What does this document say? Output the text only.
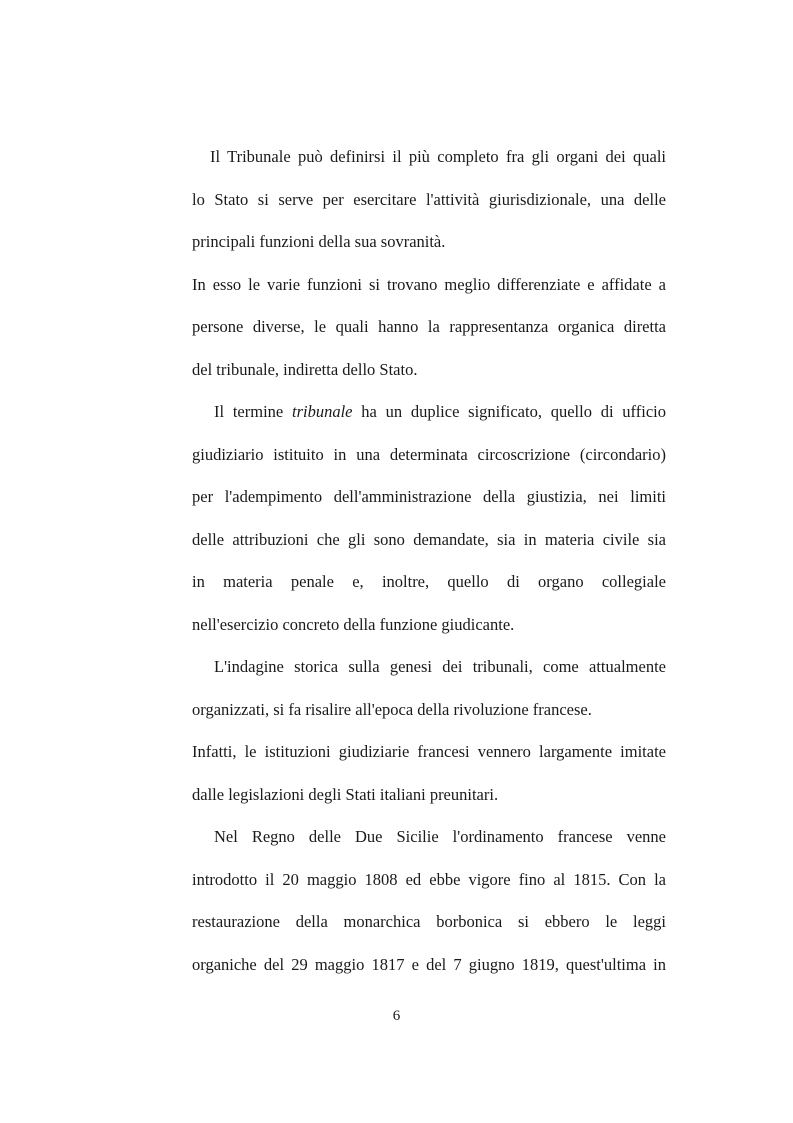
Il Tribunale può definirsi il più completo fra gli organi dei quali
lo Stato si serve per esercitare l'attività giurisdizionale, una delle
principali funzioni della sua sovranità.
In esso le varie funzioni si trovano meglio differenziate e affidate a
persone diverse, le quali hanno la rappresentanza organica diretta
del tribunale, indiretta dello Stato.
Il termine tribunale ha un duplice significato, quello di ufficio
giudiziario istituito in una determinata circoscrizione (circondario)
per l'adempimento dell'amministrazione della giustizia, nei limiti
delle attribuzioni che gli sono demandate, sia in materia civile sia
in materia penale e, inoltre, quello di organo collegiale
nell'esercizio concreto della funzione giudicante.
L'indagine storica sulla genesi dei tribunali, come attualmente
organizzati, si fa risalire all'epoca della rivoluzione francese.
Infatti, le istituzioni giudiziarie francesi vennero largamente imitate
dalle legislazioni degli Stati italiani preunitari.
Nel Regno delle Due Sicilie l'ordinamento francese venne
introdotto il 20 maggio 1808 ed ebbe vigore fino al 1815. Con la
restaurazione della monarchica borbonica si ebbero le leggi
organiche del 29 maggio 1817 e del 7 giugno 1819, quest'ultima in
6
